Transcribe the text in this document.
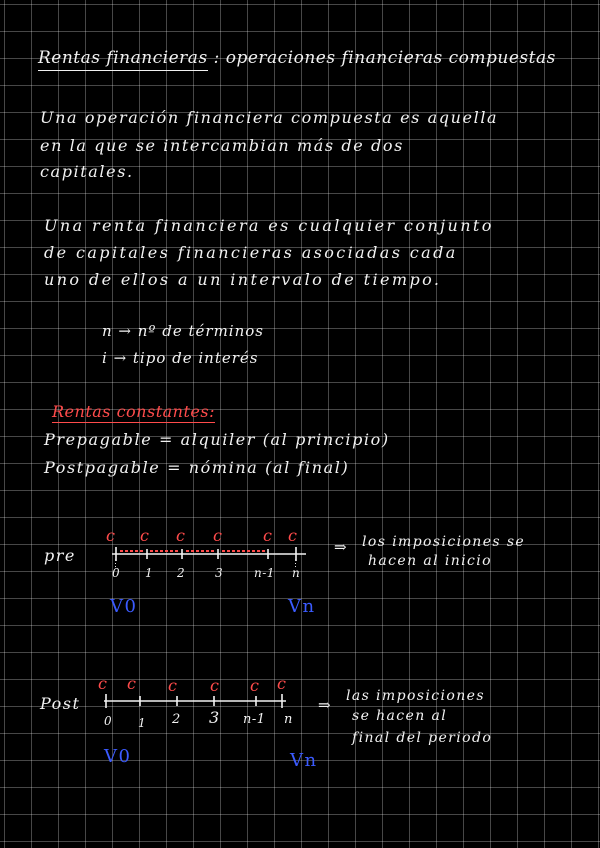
Rentas financieras : operaciones financieras compuestas
Una operación financiera compuesta es aquella
en la que se intercambian más de dos
capitales.
Una renta financiera es cualquier conjunto
de capitales financieras asociadas cada
uno de ellos a un intervalo de tiempo.
n → nº de términos
i → tipo de interés
Rentas constantes:
Prepagable = alquiler (al principio)
Postpagable = nómina (al final)
pre	⋮	⋮
c c c c c c
0 1 2 3	n-1 n
V0	Vn
⇒ los imposiciones se
hacen al inicio
Post
c c c c c c
0 1 2 3 n-1 n
V0	Vn
⇒ las imposiciones
se hacen al
final del periodo
